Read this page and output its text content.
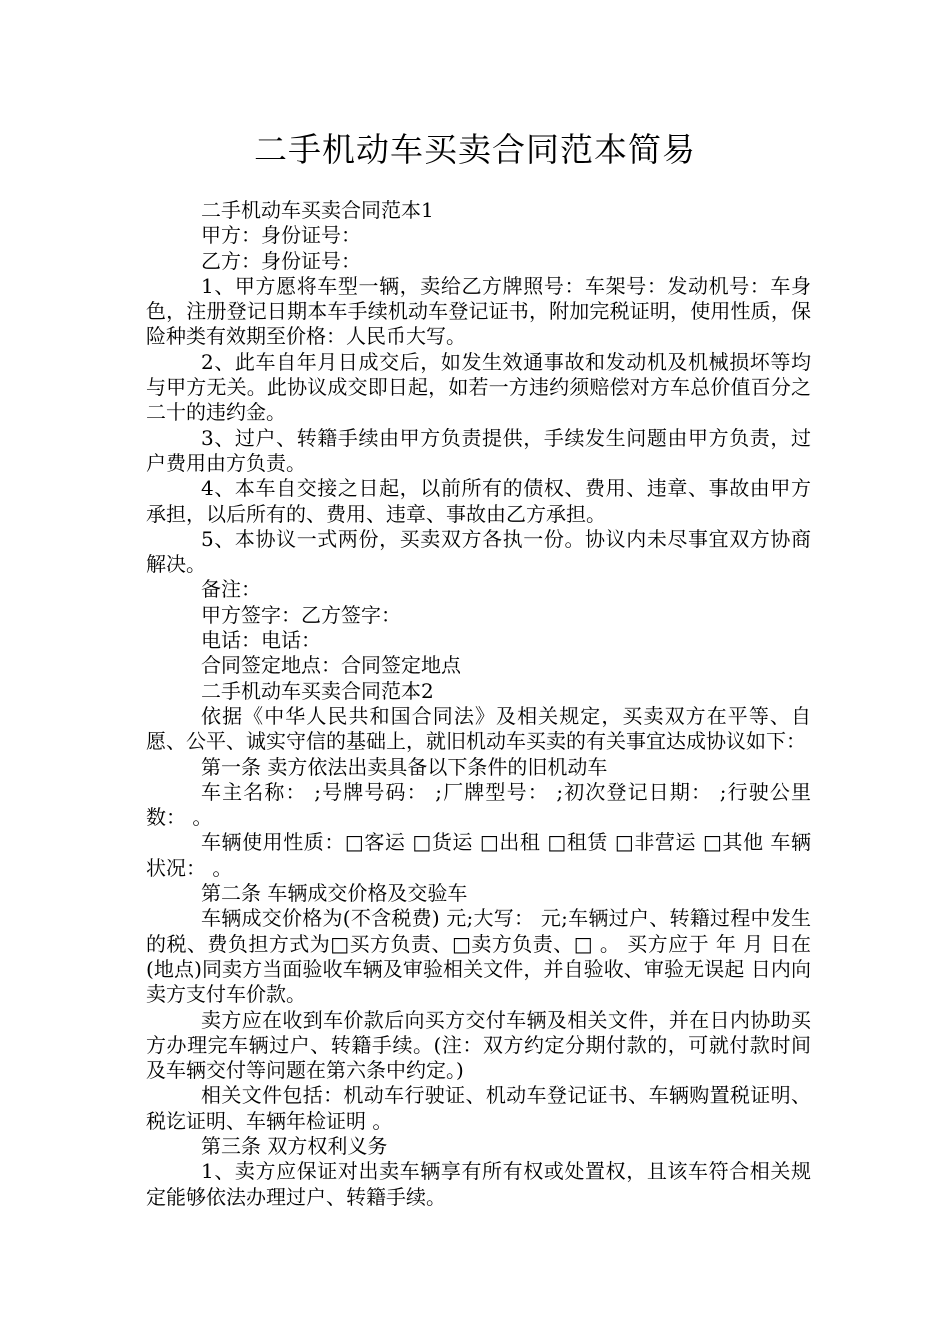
二手机动车买卖合同范本简易

二手机动车买卖合同范本1

甲方：身份证号：

乙方：身份证号：

1、甲方愿将车型一辆，卖给乙方牌照号：车架号：发动机号：车身色，注册登记日期本车手续机动车登记证书，附加完税证明，使用性质，保险种类有效期至价格：人民币大写。

2、此车自年月日成交后，如发生效通事故和发动机及机械损坏等均与甲方无关。此协议成交即日起，如若一方违约须赔偿对方车总价值百分之二十的违约金。

3、过户、转籍手续由甲方负责提供，手续发生问题由甲方负责，过户费用由方负责。

4、本车自交接之日起，以前所有的债权、费用、违章、事故由甲方承担，以后所有的、费用、违章、事故由乙方承担。

5、本协议一式两份，买卖双方各执一份。协议内未尽事宜双方协商解决。

备注：

甲方签字：乙方签字：

电话：电话：

合同签定地点：合同签定地点

二手机动车买卖合同范本2

依据《中华人民共和国合同法》及相关规定，买卖双方在平等、自愿、公平、诚实守信的基础上，就旧机动车买卖的有关事宜达成协议如下：

第一条 卖方依法出卖具备以下条件的旧机动车

车主名称： ;号牌号码： ;厂牌型号： ;初次登记日期： ;行驶公里数： 。

车辆使用性质：□客运 □货运 □出租 □租赁 □非营运 □其他 车辆状况： 。

第二条 车辆成交价格及交验车

车辆成交价格为(不含税费) 元;大写： 元;车辆过户、转籍过程中发生的税、费负担方式为□买方负责、□卖方负责、□ 。 买方应于 年 月 日在(地点)同卖方当面验收车辆及审验相关文件，并自验收、审验无误起 日内向卖方支付车价款。

卖方应在收到车价款后向买方交付车辆及相关文件，并在日内协助买方办理完车辆过户、转籍手续。(注：双方约定分期付款的，可就付款时间及车辆交付等问题在第六条中约定。)

相关文件包括：机动车行驶证、机动车登记证书、车辆购置税证明、税讫证明、车辆年检证明 。

第三条 双方权利义务

1、卖方应保证对出卖车辆享有所有权或处置权，且该车符合相关规定能够依法办理过户、转籍手续。
